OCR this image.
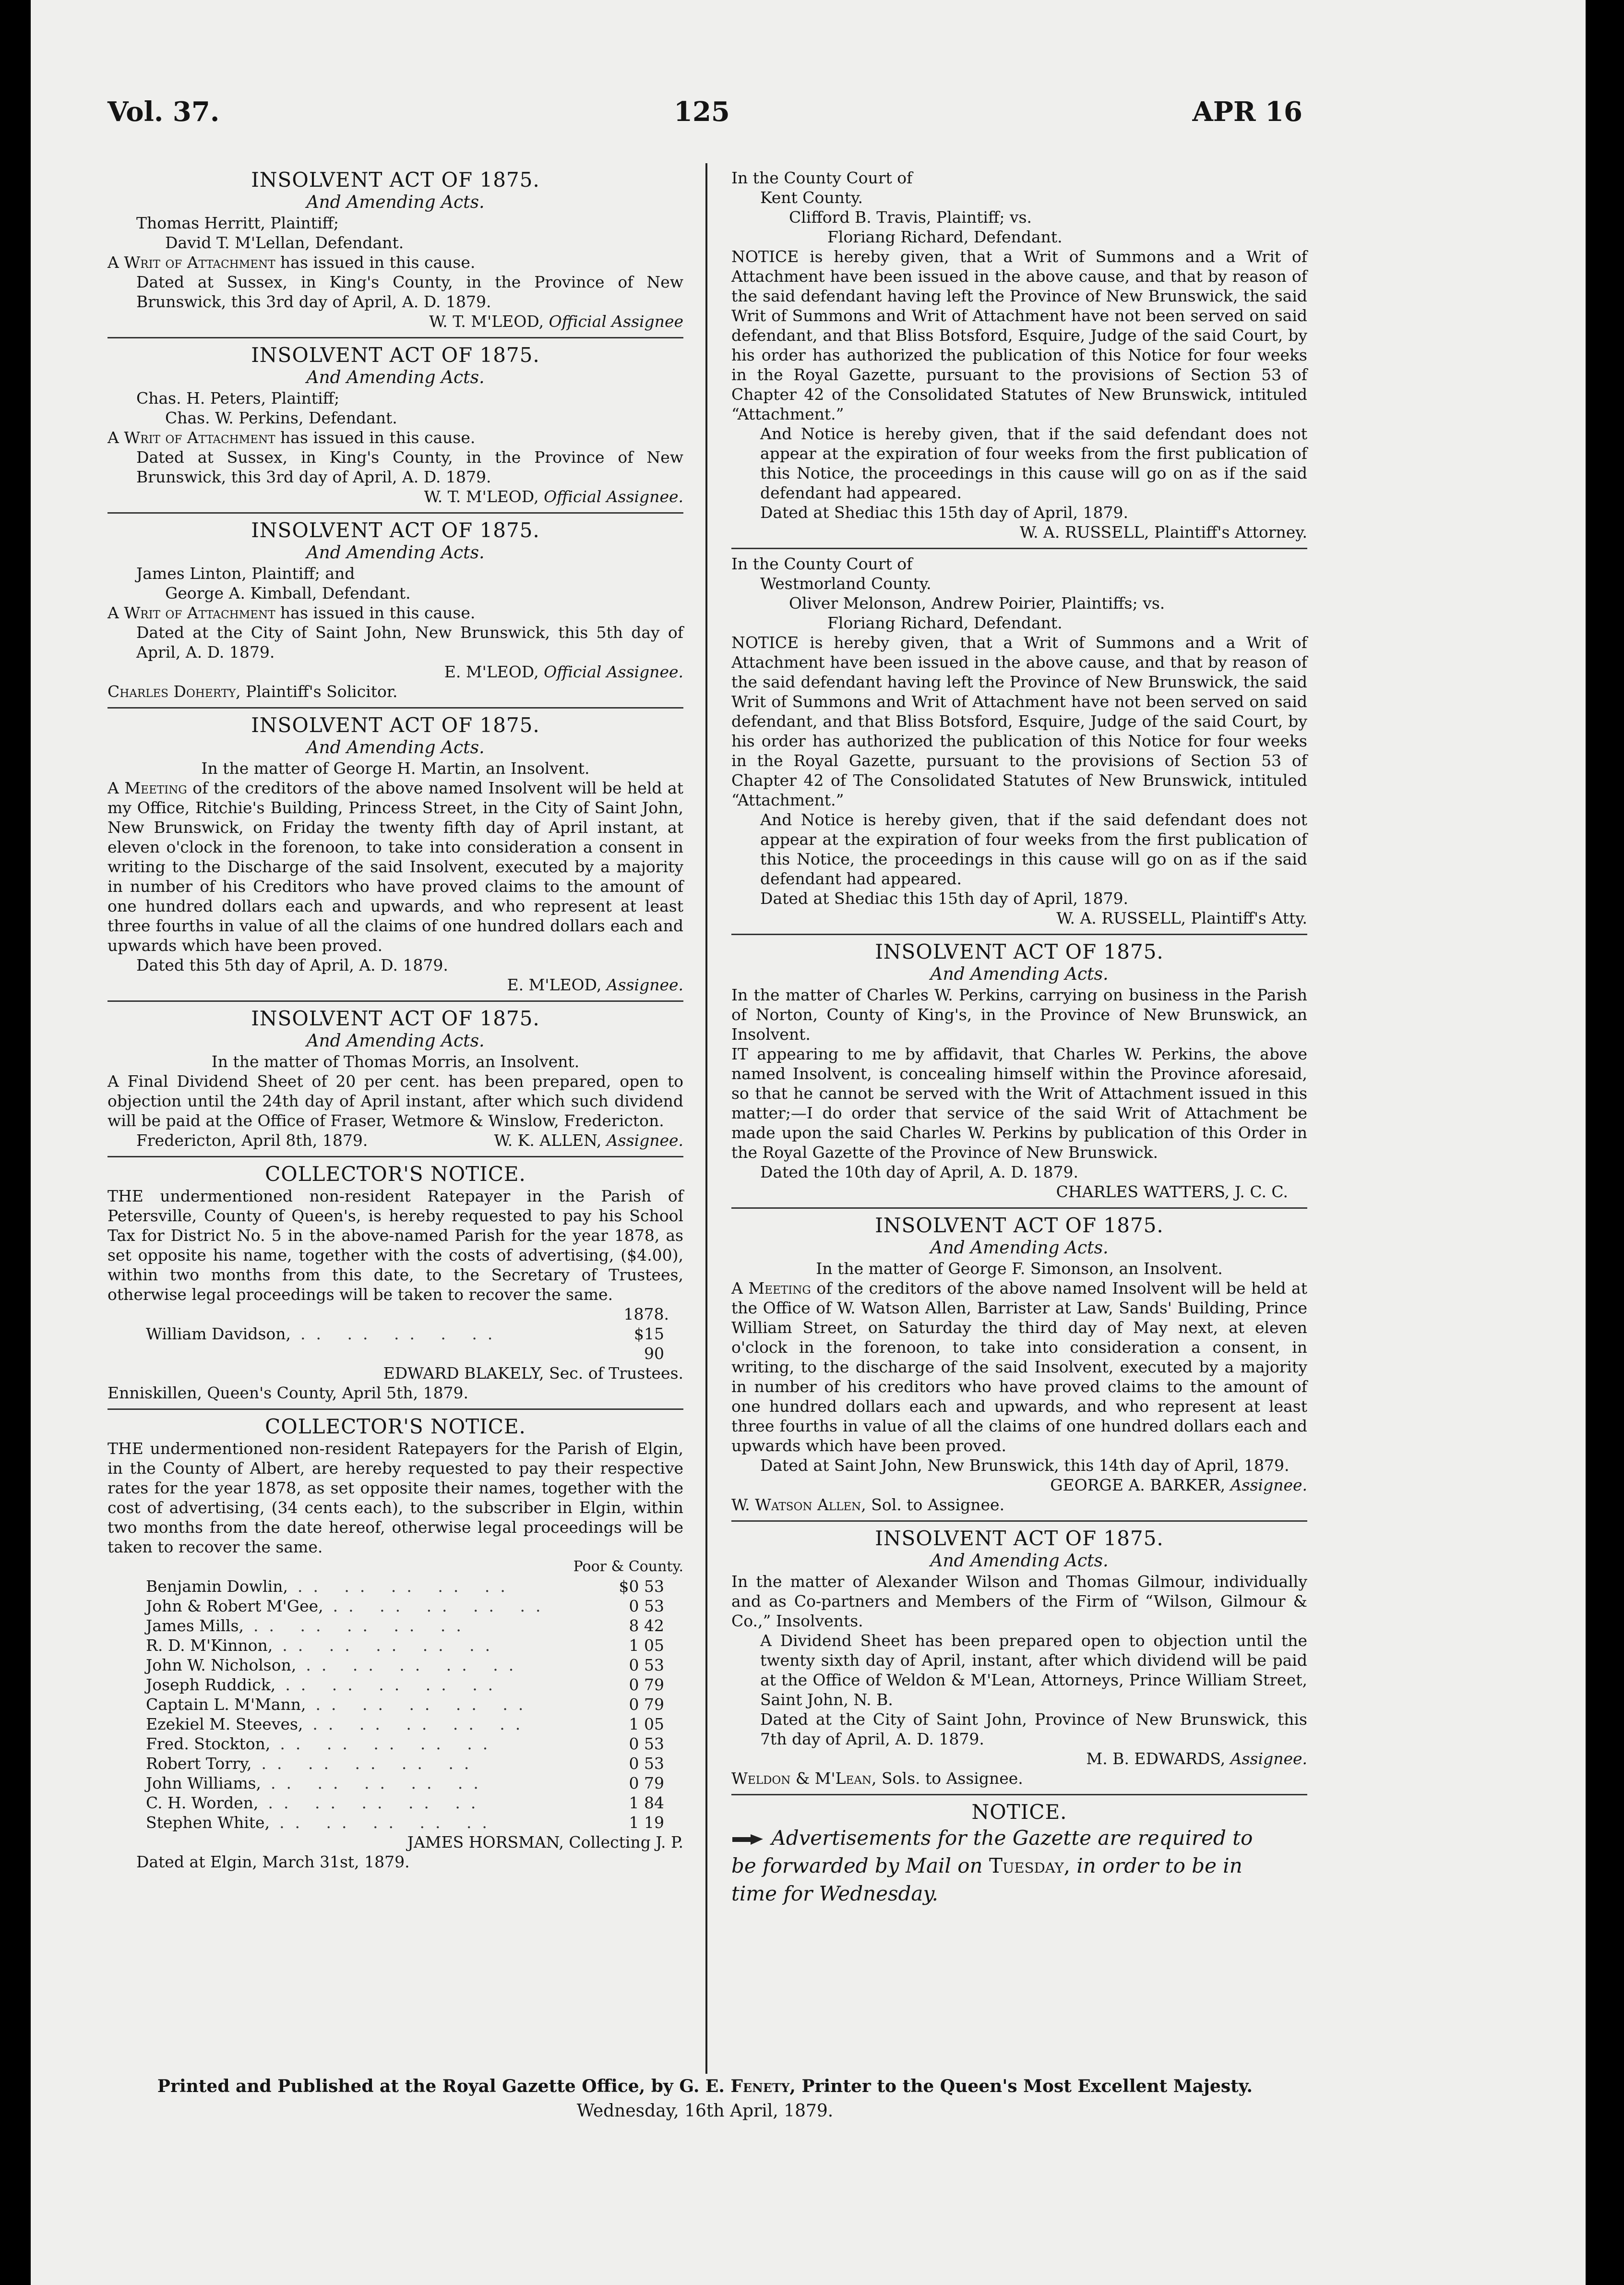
Vol. 37.	125	APR 16
INSOLVENT ACT OF 1875.
And Amending Acts.
Thomas Herritt, Plaintiff;
David T. M'Lellan, Defendant.
A Writ of Attachment has issued in this cause.
Dated at Sussex, in King's County, in the Province of New Brunswick, this 3rd day of April, A. D. 1879.
W. T. M'LEOD, Official Assignee
INSOLVENT ACT OF 1875.
And Amending Acts.
Chas. H. Peters, Plaintiff;
Chas. W. Perkins, Defendant.
A Writ of Attachment has issued in this cause.
Dated at Sussex, in King's County, in the Province of New Brunswick, this 3rd day of April, A. D. 1879.
W. T. M'LEOD, Official Assignee.
INSOLVENT ACT OF 1875.
And Amending Acts.
James Linton, Plaintiff; and
George A. Kimball, Defendant.
A Writ of Attachment has issued in this cause.
Dated at the City of Saint John, New Brunswick, this 5th day of April, A. D. 1879.
E. M'LEOD, Official Assignee.
Charles Doherty, Plaintiff's Solicitor.
INSOLVENT ACT OF 1875.
And Amending Acts.
In the matter of George H. Martin, an Insolvent.
A Meeting of the creditors of the above named Insolvent will be held at my Office, Ritchie's Building, Princess Street, in the City of Saint John, New Brunswick, on Friday the twenty fifth day of April instant, at eleven o'clock in the forenoon, to take into consideration a consent in writing to the Discharge of the said Insolvent, executed by a majority in number of his Creditors who have proved claims to the amount of one hundred dollars each and upwards, and who represent at least three fourths in value of all the claims of one hundred dollars each and upwards which have been proved.
Dated this 5th day of April, A. D. 1879.
E. M'LEOD, Assignee.
INSOLVENT ACT OF 1875.
And Amending Acts.
In the matter of Thomas Morris, an Insolvent.
A Final Dividend Sheet of 20 per cent. has been prepared, open to objection until the 24th day of April instant, after which such dividend will be paid at the Office of Fraser, Wetmore & Winslow, Fredericton.
Fredericton, April 8th, 1879.	W. K. ALLEN, Assignee.
COLLECTOR'S NOTICE.
THE undermentioned non-resident Ratepayer in the Parish of Petersville, County of Queen's, is hereby requested to pay his School Tax for District No. 5 in the above-named Parish for the year 1878, as set opposite his name, together with the costs of advertising, ($4.00), within two months from this date, to the Secretary of Trustees, otherwise legal proceedings will be taken to recover the same.
1878.
William Davidson, .. .. .. . ..	$15 90
EDWARD BLAKELY, Sec. of Trustees.
Enniskillen, Queen's County, April 5th, 1879.
COLLECTOR'S NOTICE.
THE undermentioned non-resident Ratepayers for the Parish of Elgin, in the County of Albert, are hereby requested to pay their respective rates for the year 1878, as set opposite their names, together with the cost of advertising, (34 cents each), to the subscriber in Elgin, within two months from the date hereof, otherwise legal proceedings will be taken to recover the same.
Poor & County.
Benjamin Dowlin, .. .. .. .. ..	$0 53
John & Robert M'Gee, .. .. .. .. ..	0 53
James Mills, .. .. .. .. ..	8 42
R. D. M'Kinnon, .. .. .. .. ..	1 05
John W. Nicholson, .. .. .. .. ..	0 53
Joseph Ruddick, .. .. .. .. ..	0 79
Captain L. M'Mann, .. .. .. .. ..	0 79
Ezekiel M. Steeves, .. .. .. .. ..	1 05
Fred. Stockton, .. .. .. .. ..	0 53
Robert Torry, .. .. .. .. ..	0 53
John Williams, .. .. .. .. ..	0 79
C. H. Worden, .. .. .. .. ..	1 84
Stephen White, .. .. .. .. ..	1 19
JAMES HORSMAN, Collecting J. P.
Dated at Elgin, March 31st, 1879.
In the County Court of
Kent County.
Clifford B. Travis, Plaintiff; vs.
Floriang Richard, Defendant.
NOTICE is hereby given, that a Writ of Summons and a Writ of Attachment have been issued in the above cause, and that by reason of the said defendant having left the Province of New Brunswick, the said Writ of Summons and Writ of Attachment have not been served on said defendant, and that Bliss Botsford, Esquire, Judge of the said Court, by his order has authorized the publication of this Notice for four weeks in the Royal Gazette, pursuant to the provisions of Section 53 of Chapter 42 of the Consolidated Statutes of New Brunswick, intituled “Attachment.”
And Notice is hereby given, that if the said defendant does not appear at the expiration of four weeks from the first publication of this Notice, the proceedings in this cause will go on as if the said defendant had appeared.
Dated at Shediac this 15th day of April, 1879.
W. A. RUSSELL, Plaintiff's Attorney.
In the County Court of
Westmorland County.
Oliver Melonson, Andrew Poirier, Plaintiffs; vs.
Floriang Richard, Defendant.
NOTICE is hereby given, that a Writ of Summons and a Writ of Attachment have been issued in the above cause, and that by reason of the said defendant having left the Province of New Brunswick, the said Writ of Summons and Writ of Attachment have not been served on said defendant, and that Bliss Botsford, Esquire, Judge of the said Court, by his order has authorized the publication of this Notice for four weeks in the Royal Gazette, pursuant to the provisions of Section 53 of Chapter 42 of The Consolidated Statutes of New Brunswick, intituled “Attachment.”
And Notice is hereby given, that if the said defendant does not appear at the expiration of four weeks from the first publication of this Notice, the proceedings in this cause will go on as if the said defendant had appeared.
Dated at Shediac this 15th day of April, 1879.
W. A. RUSSELL, Plaintiff's Atty.
INSOLVENT ACT OF 1875.
And Amending Acts.
In the matter of Charles W. Perkins, carrying on business in the Parish of Norton, County of King's, in the Province of New Brunswick, an Insolvent.
IT appearing to me by affidavit, that Charles W. Perkins, the above named Insolvent, is concealing himself within the Province aforesaid, so that he cannot be served with the Writ of Attachment issued in this matter;—I do order that service of the said Writ of Attachment be made upon the said Charles W. Perkins by publication of this Order in the Royal Gazette of the Province of New Brunswick.
Dated the 10th day of April, A. D. 1879.
CHARLES WATTERS, J. C. C.
INSOLVENT ACT OF 1875.
And Amending Acts.
In the matter of George F. Simonson, an Insolvent.
A Meeting of the creditors of the above named Insolvent will be held at the Office of W. Watson Allen, Barrister at Law, Sands' Building, Prince William Street, on Saturday the third day of May next, at eleven o'clock in the forenoon, to take into consideration a consent, in writing, to the discharge of the said Insolvent, executed by a majority in number of his creditors who have proved claims to the amount of one hundred dollars each and upwards, and who represent at least three fourths in value of all the claims of one hundred dollars each and upwards which have been proved.
Dated at Saint John, New Brunswick, this 14th day of April, 1879.
GEORGE A. BARKER, Assignee.
W. Watson Allen, Sol. to Assignee.
INSOLVENT ACT OF 1875.
And Amending Acts.
In the matter of Alexander Wilson and Thomas Gilmour, individually and as Co-partners and Members of the Firm of “Wilson, Gilmour & Co.,” Insolvents.
A Dividend Sheet has been prepared open to objection until the twenty sixth day of April, instant, after which dividend will be paid at the Office of Weldon & M'Lean, Attorneys, Prince William Street, Saint John, N. B.
Dated at the City of Saint John, Province of New Brunswick, this 7th day of April, A. D. 1879.
M. B. EDWARDS, Assignee.
Weldon & M'Lean, Sols. to Assignee.
NOTICE.
Advertisements for the Gazette are required to
be forwarded by Mail on Tuesday, in order to be in
time for Wednesday.
Printed and Published at the Royal Gazette Office, by G. E. Fenety, Printer to the Queen's Most Excellent Majesty.
Wednesday, 16th April, 1879.
